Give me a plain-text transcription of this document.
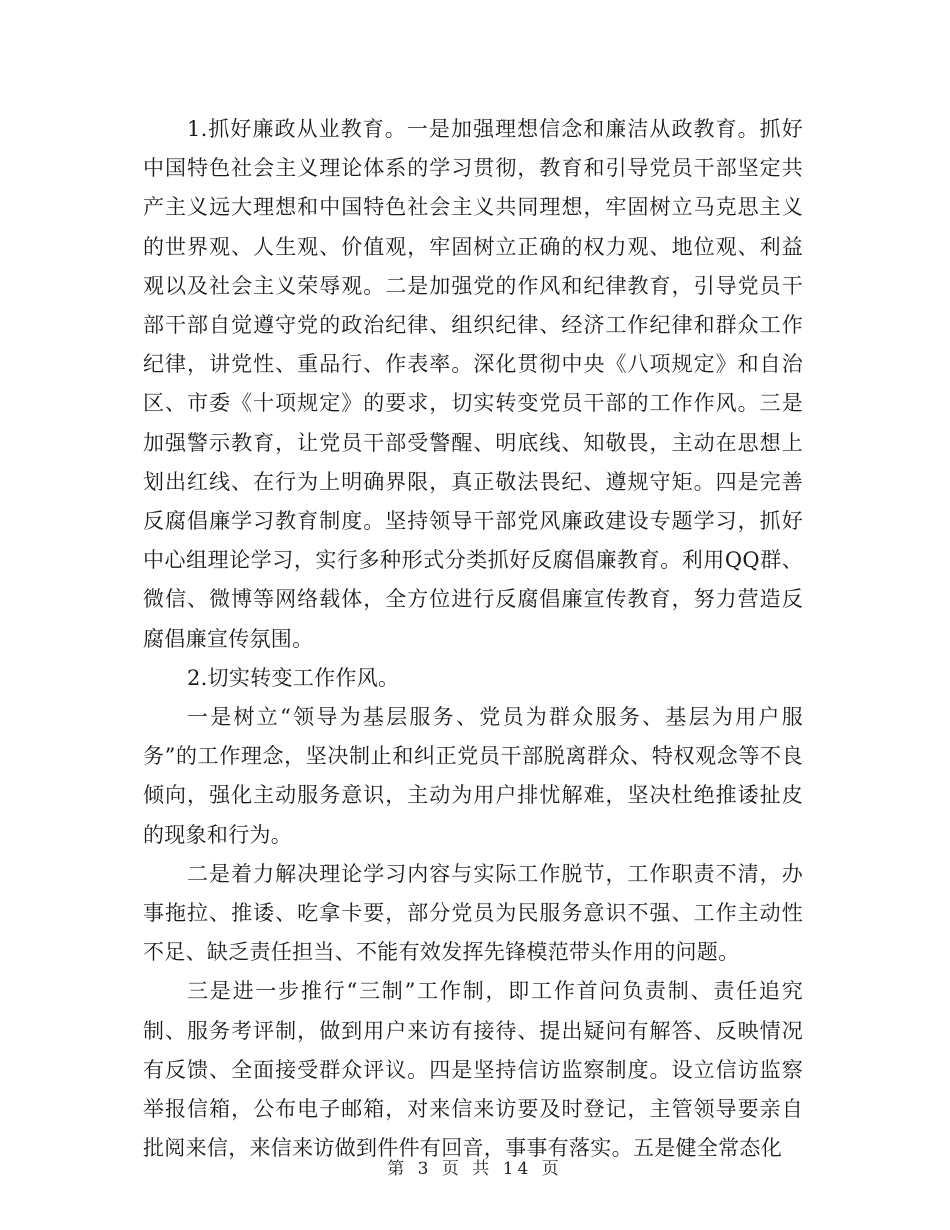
1.抓好廉政从业教育。一是加强理想信念和廉洁从政教育。抓好中国特色社会主义理论体系的学习贯彻，教育和引导党员干部坚定共产主义远大理想和中国特色社会主义共同理想，牢固树立马克思主义的世界观、人生观、价值观，牢固树立正确的权力观、地位观、利益观以及社会主义荣辱观。二是加强党的作风和纪律教育，引导党员干部干部自觉遵守党的政治纪律、组织纪律、经济工作纪律和群众工作纪律，讲党性、重品行、作表率。深化贯彻中央《八项规定》和自治区、市委《十项规定》的要求，切实转变党员干部的工作作风。三是加强警示教育，让党员干部受警醒、明底线、知敬畏，主动在思想上划出红线、在行为上明确界限，真正敬法畏纪、遵规守矩。四是完善反腐倡廉学习教育制度。坚持领导干部党风廉政建设专题学习，抓好中心组理论学习，实行多种形式分类抓好反腐倡廉教育。利用QQ群、微信、微博等网络载体，全方位进行反腐倡廉宣传教育，努力营造反腐倡廉宣传氛围。

2.切实转变工作作风。

一是树立“领导为基层服务、党员为群众服务、基层为用户服务”的工作理念，坚决制止和纠正党员干部脱离群众、特权观念等不良倾向，强化主动服务意识，主动为用户排忧解难，坚决杜绝推诿扯皮的现象和行为。

二是着力解决理论学习内容与实际工作脱节，工作职责不清，办事拖拉、推诿、吃拿卡要，部分党员为民服务意识不强、工作主动性不足、缺乏责任担当、不能有效发挥先锋模范带头作用的问题。

三是进一步推行“三制”工作制，即工作首问负责制、责任追究制、服务考评制，做到用户来访有接待、提出疑问有解答、反映情况有反馈、全面接受群众评议。四是坚持信访监察制度。设立信访监察举报信箱，公布电子邮箱，对来信来访要及时登记，主管领导要亲自批阅来信，来信来访做到件件有回音，事事有落实。五是健全常态化

第 3 页 共 14 页
